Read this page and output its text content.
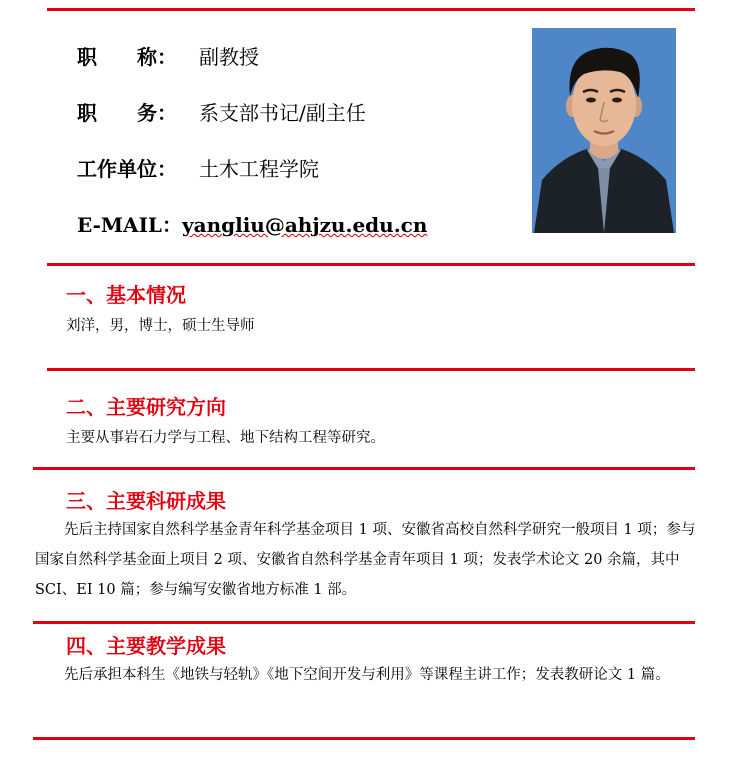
职　　称： 副教授
职　　务： 系支部书记/副主任
工作单位： 土木工程学院
E-MAIL：yangliu@ahjzu.edu.cn
一、基本情况
刘洋，男，博士，硕士生导师
二、主要研究方向
主要从事岩石力学与工程、地下结构工程等研究。
三、主要科研成果
先后主持国家自然科学基金青年科学基金项目 1 项、安徽省高校自然科学研究一般项目 1 项；参与国家自然科学基金面上项目 2 项、安徽省自然科学基金青年项目 1 项；发表学术论文 20 余篇，其中 SCI、EI 10 篇；参与编写安徽省地方标准 1 部。
四、主要教学成果
先后承担本科生《地铁与轻轨》《地下空间开发与利用》等课程主讲工作；发表教研论文 1 篇。
